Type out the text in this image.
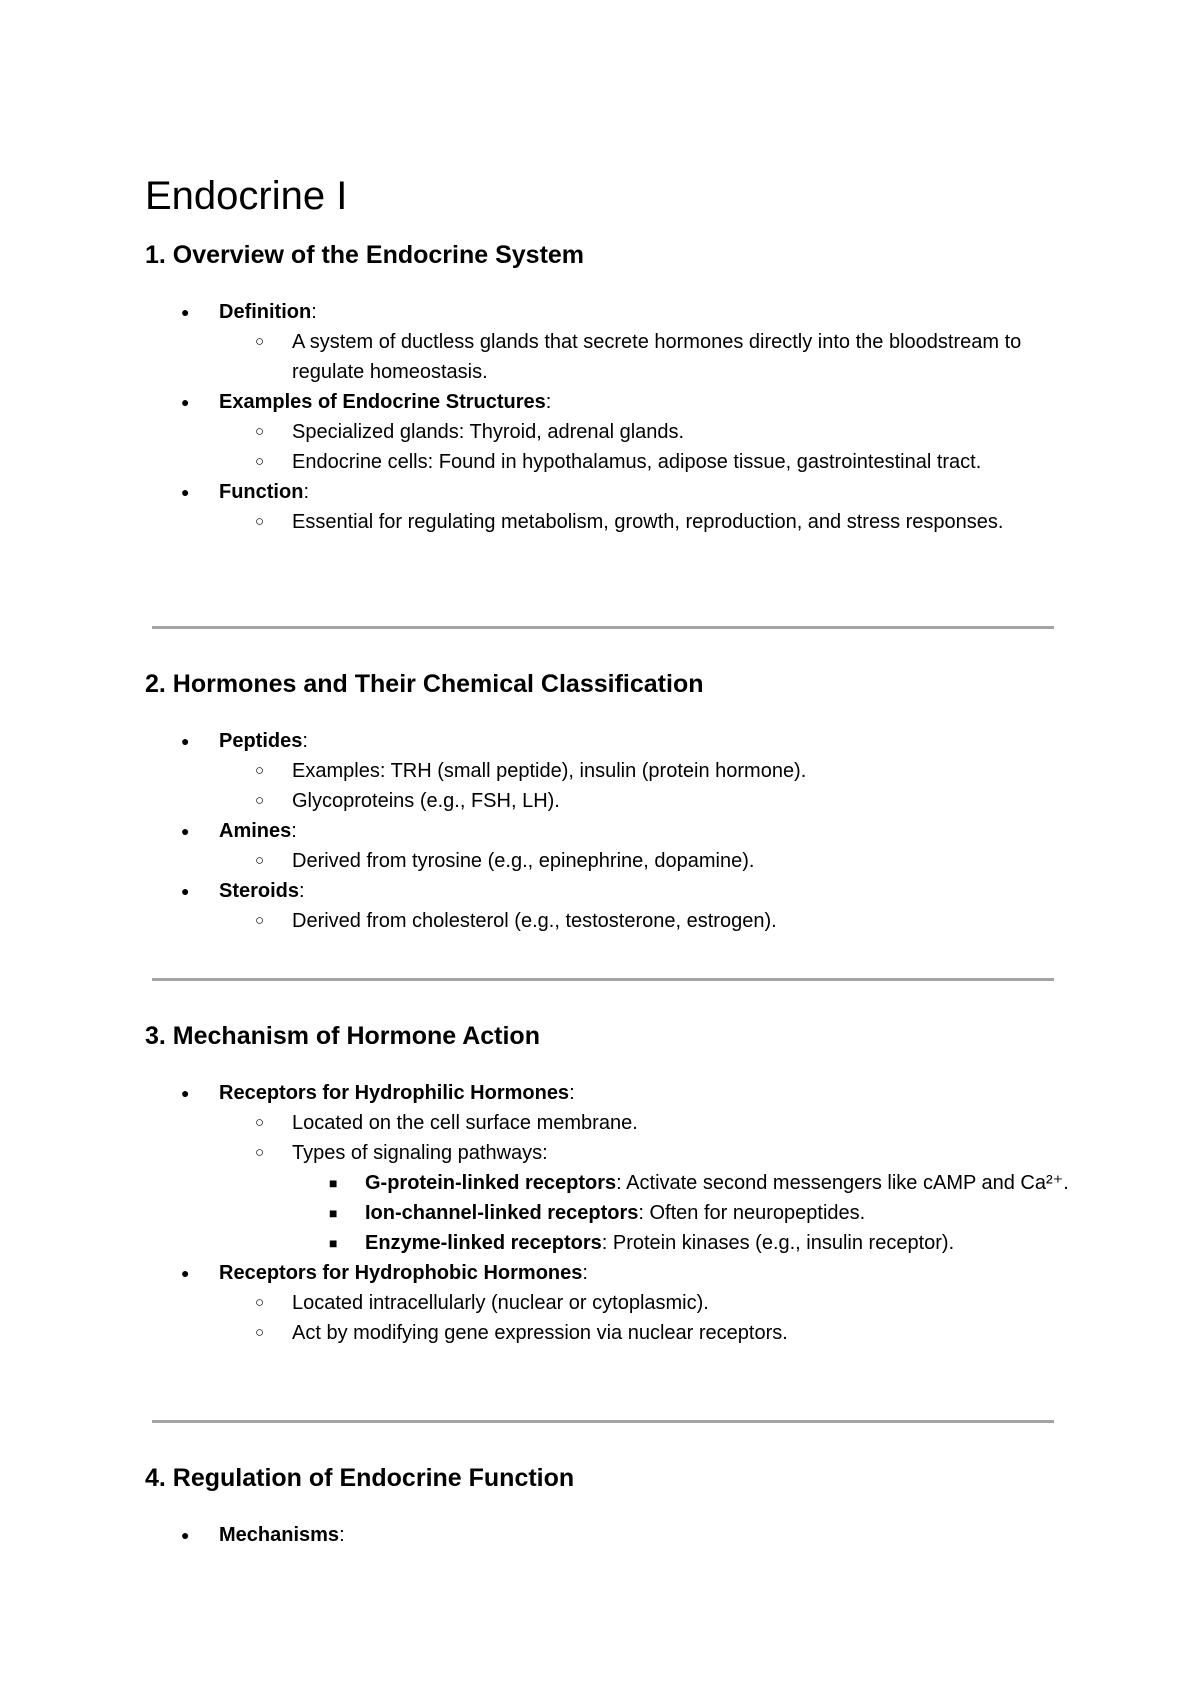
Endocrine I
1. Overview of the Endocrine System
● Definition:
○ A system of ductless glands that secrete hormones directly into the bloodstream to regulate homeostasis.
● Examples of Endocrine Structures:
○ Specialized glands: Thyroid, adrenal glands.
○ Endocrine cells: Found in hypothalamus, adipose tissue, gastrointestinal tract.
● Function:
○ Essential for regulating metabolism, growth, reproduction, and stress responses.
2. Hormones and Their Chemical Classification
● Peptides:
○ Examples: TRH (small peptide), insulin (protein hormone).
○ Glycoproteins (e.g., FSH, LH).
● Amines:
○ Derived from tyrosine (e.g., epinephrine, dopamine).
● Steroids:
○ Derived from cholesterol (e.g., testosterone, estrogen).
3. Mechanism of Hormone Action
● Receptors for Hydrophilic Hormones:
○ Located on the cell surface membrane.
○ Types of signaling pathways:
■ G-protein-linked receptors: Activate second messengers like cAMP and Ca²⁺.
■ Ion-channel-linked receptors: Often for neuropeptides.
■ Enzyme-linked receptors: Protein kinases (e.g., insulin receptor).
● Receptors for Hydrophobic Hormones:
○ Located intracellularly (nuclear or cytoplasmic).
○ Act by modifying gene expression via nuclear receptors.
4. Regulation of Endocrine Function
● Mechanisms:
